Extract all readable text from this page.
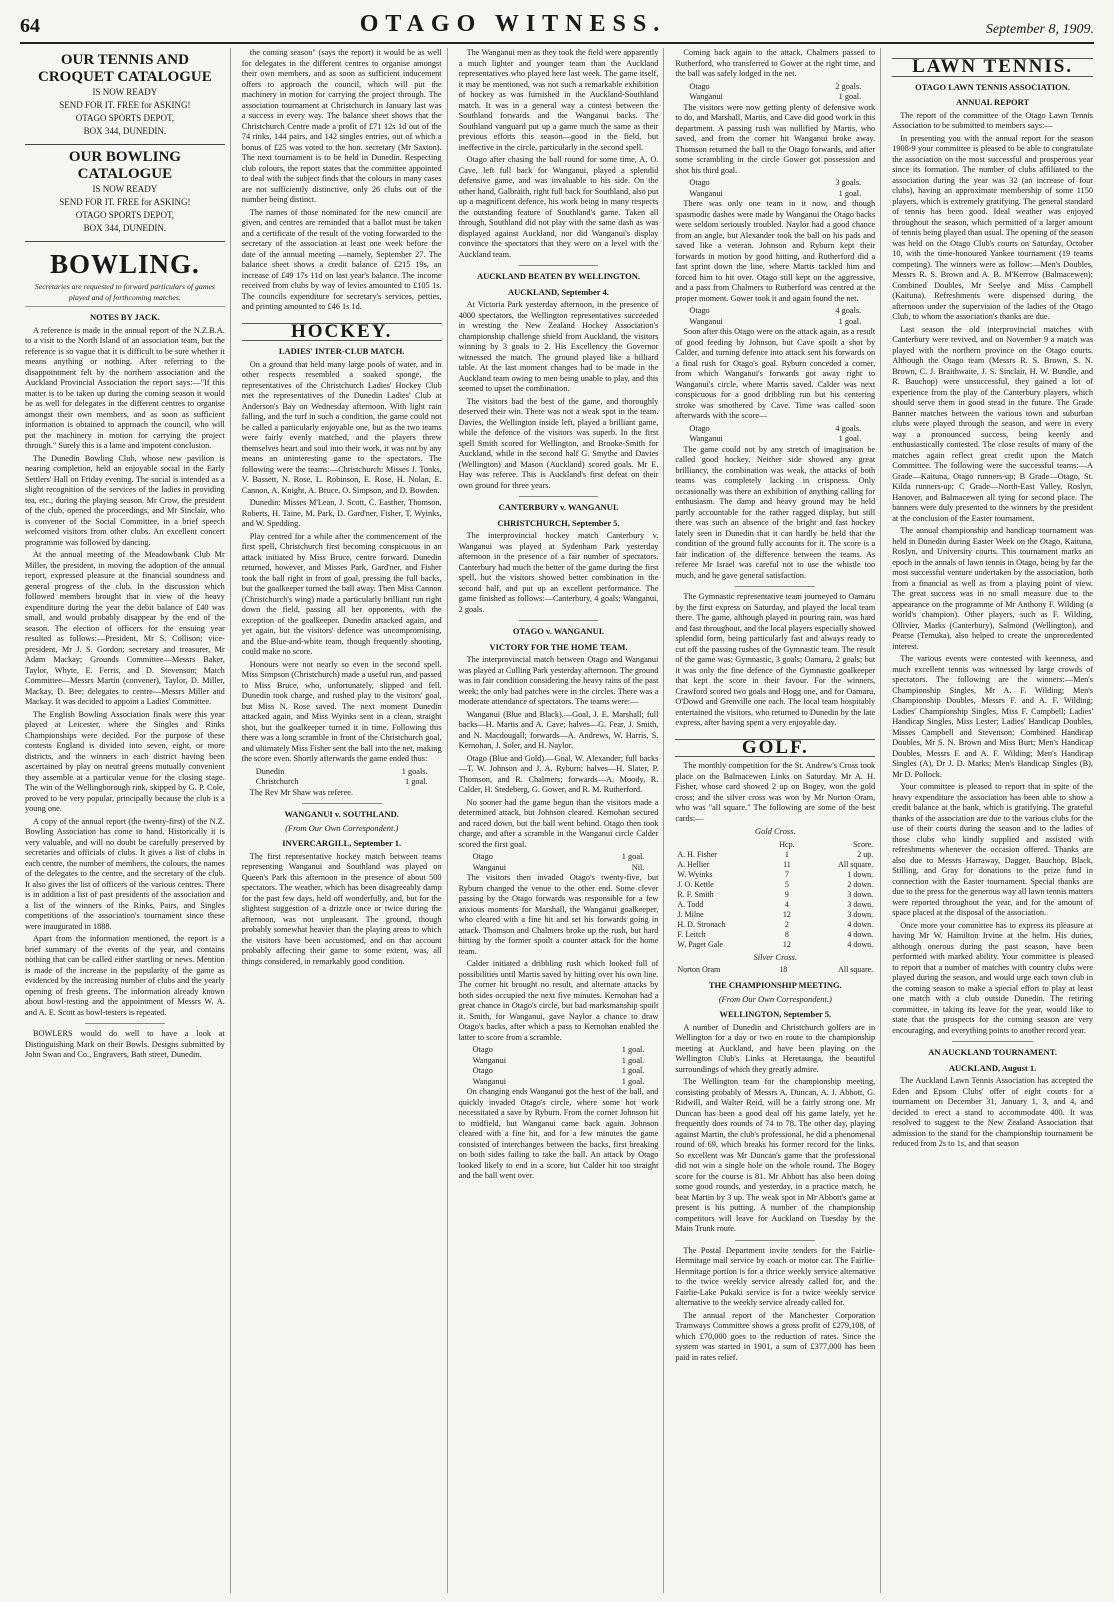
64	OTAGO WITNESS.	September 8, 1909.
OUR TENNIS AND CROQUET CATALOGUE
IS NOW READY
SEND FOR IT. FREE for ASKING!
OTAGO SPORTS DEPOT,
BOX 344, DUNEDIN.
OUR BOWLING CATALOGUE
IS NOW READY
SEND FOR IT. FREE for ASKING!
OTAGO SPORTS DEPOT,
BOX 344, DUNEDIN.
BOWLING.
Secretaries are requested to forward particulars of games played and of forthcoming matches.
NOTES BY JACK.

A reference is made in the annual report of the N.Z.B.A. to a visit to the North Island of an association team, but the reference is so vague that it is difficult to be sure whether it means anything or nothing. After referring to the disappointment felt by the northern association and the Auckland Provincial Association the report says:—"If this matter is to be taken up during the coming season it would be as well for delegates in the different centres to organise amongst their own members, and as soon as sufficient information is obtained to approach the council, who will put the machinery in motion for carrying the project through." Surely this is a lame and impotent conclusion.

The Dunedin Bowling Club, whose new pavilion is nearing completion, held an enjoyable social in the Early Settlers' Hall on Friday evening. The social is intended as a slight recognition of the services of the ladies in providing tea, etc., during the playing season. Mr Crow, the president of the club, opened the proceedings, and Mr Sinclair, who is convener of the Social Committee, in a brief speech welcomed visitors from other clubs. An excellent concert programme was followed by dancing.

At the annual meeting of the Meadowbank Club Mr Miller, the president, in moving the adoption of the annual report, expressed pleasure at the financial soundness and general progress of the club. In the discussion which followed members brought that in view of the heavy expenditure during the year the debit balance of £40 was small, and would probably disappear by the end of the season. The election of officers for the ensuing year resulted as follows:—President, Mr S. Collison; vice-president, Mr J. S. Gordon; secretary and treasurer, Mr Adam Mackay; Grounds Committee—Messrs Baker, Taylor, Whyte, E. Ferris, and D. Stevenson; Match Committee—Messrs Martin (convener), Taylor, D. Miller, Mackay, D. Bee; delegates to centre—Messrs Miller and Mackay. It was decided to appoint a Ladies' Committee.

The English Bowling Association finals were this year played at Leicester, where the Singles and Rinks Championships were decided. For the purpose of these contests England is divided into seven, eight, or more districts, and the winners in each district having been ascertained by play on neutral greens mutually convenient they assemble at a particular venue for the closing stage. The win of the Wellingborough rink, skipped by G. P. Cole, proved to be very popular, principally because the club is a young one.

A copy of the annual report (the twenty-first) of the N.Z. Bowling Association has come to hand. Historically it is very valuable, and will no doubt be carefully preserved by secretaries and officials of clubs. It gives a list of clubs in each centre, the number of members, the colours, the names of the delegates to the centre, and the secretary of the club. It also gives the list of officers of the various centres. There is in addition a list of past presidents of the association and a list of the winners of the Rinks, Pairs, and Singles competitions of the association's tournament since these were inaugurated in 1888.

Apart from the information mentioned, the report is a brief summary of the events of the year, and contains nothing that can be called either startling or news. Mention is made of the increase in the popularity of the game as evidenced by the increasing number of clubs and the yearly opening of fresh greens. The information already known about bowl-testing and the appointment of Messrs W. A. and A. E. Scott as bowl-testers is repeated.

BOWLERS would do well to have a look at Distinguishing Mark on their Bowls. Designs submitted by John Swan and Co., Engravers, Bath street, Dunedin.

the coming season" (says the report) it would be as well for delegates in the different centres to organise amongst their own members, and as soon as sufficient inducement offers to approach the council, which will put the machinery in motion for carrying the project through. The association tournament at Christchurch in January last was a success in every way. The balance sheet shows that the Christchurch Centre made a profit of £71 12s 1d out of the 74 rinks, 144 pairs, and 142 singles entries, out of which a bonus of £25 was voted to the hon. secretary (Mr Saxton). The next tournament is to be held in Dunedin. Respecting club colours, the report states that the committee appointed to deal with the subject finds that the colours in many cases are not sufficiently distinctive, only 26 clubs out of the number being distinct.

The names of those nominated for the new council are given, and centres are reminded that a ballot must be taken and a certificate of the result of the voting forwarded to the secretary of the association at least one week before the date of the annual meeting —namely, September 27. The balance sheet shows a credit balance of £215 19s, an increase of £49 17s 11d on last year's balance. The income received from clubs by way of levies amounted to £105 1s. The councils expenditure for secretary's services, petties, and printing amounted to £46 1s 1d.

HOCKEY.
LADIES' INTER-CLUB MATCH.

On a ground that held many large pools of water, and in other respects resembled a soaked sponge, the representatives of the Christchurch Ladies' Hockey Club met the representatives of the Dunedin Ladies' Club at Anderson's Bay on Wednesday afternoon. With light rain falling, and the turf in such a condition, the game could not be called a particularly enjoyable one, but as the two teams were fairly evenly matched, and the players threw themselves heart and soul into their work, it was not by any means an uninteresting game to the spectators. The following were the teams:—Christchurch: Misses J. Tonks, V. Bassett, N. Rose, L. Robinson, E. Rose, H. Nolan, E. Cannon, A. Knight, A. Bruce, O. Simpson, and D. Bowden.

Dunedin: Misses M'Lean, J. Scott, C. Easther, Thomson, Roberts, H. Taine, M. Park, D. Gard'ner, Fisher, T. Wyinks, and W. Spedding.

Play centred for a while after the commencement of the first spell, Christchurch first becoming conspicuous in an attack initiated by Miss Bruce, centre forward. Dunedin returned, however, and Misses Park, Gard'ner, and Fisher took the ball right in front of goal, pressing the full backs, but the goalkeeper turned the ball away. Then Miss Cannon (Christchurch's wing) made a particularly brilliant run right down the field, passing all her opponents, with the exception of the goalkeeper. Dunedin attacked again, and yet again, but the visitors' defence was uncompromising, and the Blue-and-white team, though frequently shooting, could make no score.

Honours were not nearly so even in the second spell. Miss Simpson (Christchurch) made a useful run, and passed to Miss Bruce, who, unfortunately, slipped and fell. Dunedin took charge, and rushed play to the visitors' goal, but Miss N. Rose saved. The next moment Dunedin attacked again, and Miss Wyinks sent in a clean, straight shot, but the goalkeeper turned it in time. Following this there was a long scramble in front of the Christchurch goal, and ultimately Miss Fisher sent the ball into the net, making the score even. Shortly afterwards the game ended thus:

Dunedin	1 goals.
Christchurch	1 goal.

The Rev Mr Shaw was referee.

WANGANUI v. SOUTHLAND.
(From Our Own Correspondent.)
INVERCARGILL, September 1.

The first representative hockey match between teams representing Wanganui and Southland was played on Queen's Park this afternoon in the presence of about 500 spectators. The weather, which has been disagreeably damp for the past few days, held off wonderfully, and, but for the slightest suggestion of a drizzle once or twice during the afternoon, was not unpleasant. The ground, though probably somewhat heavier than the playing areas to which the visitors have been accustomed, and on that account probably affecting their game to some extent, was, all things considered, in remarkably good condition.

The Wanganui men as they took the field were apparently a much lighter and younger team than the Auckland representatives who played here last week. The game itself, it may be mentioned, was not such a remarkable exhibition of hockey as was furnished in the Auckland-Southland match. It was in a general way a contest between the Southland forwards and the Wanganui backs. The Southland vanguard put up a game much the same as their previous efforts this season—good in the field, but ineffective in the circle, particularly in the second spell.

Otago after chasing the ball round for some time, A. O. Cave, left full back for Wanganui, played a splendid defensive game, and was invaluable to his side. On the other hand, Galbraith, right full back for Southland, also put up a magnificent defence, his work being in many respects the outstanding feature of Southland's game. Taken all through, Southland did not play with the same dash as was displayed against Auckland, nor did Wanganui's display convince the spectators that they were on a level with the Auckland team.

AUCKLAND BEATEN BY WELLINGTON.
AUCKLAND, September 4.

At Victoria Park yesterday afternoon, in the presence of 4000 spectators, the Wellington representatives succeeded in wresting the New Zealand Hockey Association's championship challenge shield from Auckland, the visitors winning by 3 goals to 2. His Excellency the Governor witnessed the match. The ground played like a billiard table. At the last moment changes had to be made in the Auckland team owing to men being unable to play, and this seemed to upset the combination.

The visitors had the best of the game, and thoroughly deserved their win. There was not a weak spot in the team. Davies, the Wellington inside left, played a brilliant game, while the defence of the visitors was superb. In the first spell Smith scored for Wellington, and Brooke-Smith for Auckland, while in the second half G. Smythe and Davies (Wellington) and Mason (Auckland) scored goals. Mr E. Hay was referee. This is Auckland's first defeat on their own ground for three years.

CANTERBURY v. WANGANUI.
CHRISTCHURCH, September 5.

The interprovincial hockey match Canterbury v. Wanganui was played at Sydenham Park yesterday afternoon in the presence of a fair number of spectators. Canterbury had much the better of the game during the first spell, but the visitors showed better combination in the second half, and put up an excellent performance. The game finished as follows:—Canterbury, 4 goals; Wanganui, 2 goals.

OTAGO v. WANGANUI.
VICTORY FOR THE HOME TEAM.

The interprovincial match between Otago and Wanganui was played at Culling Park yesterday afternoon. The ground was in fair condition considering the heavy rains of the past week; the only bad patches were in the circles. There was a moderate attendance of spectators. The teams were:—

Wanganui (Blue and Black).—Goal, J. E. Marshall; full backs—H. Martis and A. Cave; halves—G. Fear, J. Smith, and N. Macdougall; forwards—A. Andrews, W. Harris, S. Kernohan, J. Soler, and H. Naylor.

Otago (Blue and Gold).—Goal, W. Alexander; full backs—T. W. Johnson and J. A. Ryburn; halves—H. Slater, P. Thomson, and R. Chalmers; forwards—A. Moody, R. Calder, H. Stedeberg, G. Gower, and R. M. Rutherford.

No sooner had the game begun than the visitors made a determined attack, but Johnson cleared. Kernohan secured and raced down, but the ball went behind. Otago then took charge, and after a scramble in the Wanganui circle Calder scored the first goal.

Otago	1 goal.
Wanganui	Nil.

The visitors then invaded Otago's twenty-five, but Ryburn changed the venue to the other end. Some clever passing by the Otago forwards was responsible for a few anxious moments for Marshall, the Wanganui goalkeeper, who cleared with a fine hit and set his forwards going in attack. Thomson and Chalmers broke up the rush, but hard hitting by the former spoilt a counter attack for the home team.

Calder initiated a dribbling rush which looked full of possibilities until Martis saved by hitting over his own line. The corner hit brought no result, and alternate attacks by both sides occupied the next five minutes. Kernohan had a great chance in Otago's circle, but bad marksmanship spoilt it. Smith, for Wanganui, gave Naylor a chance to draw Otago's backs, after which a pass to Kernohan enabled the latter to score from a scramble.

Otago	1 goal.
Wanganui	1 goal.
Otago	1 goal.
Wanganui	1 goal.

On changing ends Wanganui got the best of the ball, and quickly invaded Otago's circle, where some hot work necessitated a save by Ryburn. From the corner Johnson hit to midfield, but Wanganui came back again. Johnson cleared with a fine hit, and for a few minutes the game consisted of interchanges between the backs, first breaking on both sides failing to take the ball. An attack by Otago looked likely to end in a score, but Calder hit too straight and the ball went over.

Coming back again to the attack, Chalmers passed to Rutherford, who transferred to Gower at the right time, and the ball was safely lodged in the net.

Otago	2 goals.
Wanganui	1 goal.

The visitors were now getting plenty of defensive work to do, and Marshall, Martis, and Cave did good work in this department. A passing rush was nullified by Martis, who saved, and from the corner hit Wanganui broke away. Thomson returned the ball to the Otago forwards, and after some scrambling in the circle Gower got possession and shot his third goal.

Otago	3 goals.
Wanganui	1 goal.

There was only one team in it now, and though spasmodic dashes were made by Wanganui the Otago backs were seldom seriously troubled. Naylor had a good chance from an angle, but Alexander took the ball on his pads and saved like a veteran. Johnson and Ryburn kept their forwards in motion by good hitting, and Rutherford did a fast sprint down the line, where Martis tackled him and forced him to hit over. Otago still kept on the aggressive, and a pass from Chalmers to Rutherford was centred at the proper moment. Gower took it and again found the net.

Otago	4 goals.
Wanganui	1 goal.

Soon after this Otago were on the attack again, as a result of good feeding by Johnson, but Cave spoilt a shot by Calder, and turning defence into attack sent his forwards on a final rush for Otago's goal. Ryburn conceded a corner, from which Wanganui's forwards got away right to Wanganui's circle, where Martis saved. Calder was next conspicuous for a good dribbling run but his centering stroke was smothered by Cave. Time was called soon afterwards with the score—

Otago	4 goals.
Wanganui	1 goal.

The game could not by any stretch of imagination be called good hockey. Neither side showed any great brilliancy, the combination was weak, the attacks of both teams was completely lacking in crispness. Only occasionally was there an exhibition of anything calling for enthusiasm. The damp and heavy ground may be held partly accountable for the rather ragged display, but still there was such an absence of the bright and fast hockey lately seen in Dunedin that it can hardly be held that the condition of the ground fully accounts for it. The score is a fair indication of the difference between the teams. As referee Mr Israel was careful not to use the whistle too much, and he gave general satisfaction.

The Gymnastic representative team journeyed to Oamaru by the first express on Saturday, and played the local team there. The game, although played in pouring rain, was hard and fast throughout, and the local players especially showed splendid form, being particularly fast and always ready to cut off the passing rushes of the Gymnastic team. The result of the game was: Gymnastic, 3 goals; Oamaru, 2 goals; but it was only the fine defence of the Gymnastic goalkeeper that kept the score in their favour. For the winners, Crawford scored two goals and Hogg one, and for Oamaru, O'Dowd and Grenville one each. The local team hospitably entertained the visitors, who returned to Dunedin by the late express, after having spent a very enjoyable day.

GOLF.

The monthly competition for the St. Andrew's Cross took place on the Balmacewen Links on Saturday. Mr A. H. Fisher, whose card showed 2 up on Bogey, won the gold cross; and the silver cross was won by Mr Norton Oram, who was "all square." The following are some of the best cards:—

Gold Cross.
	Hcp.	Score.
A. H. Fisher	1	2 up.
A. Hellier	11	All square.
W. Wyinks	7	1 down.
J. O. Kettle	5	2 down.
R. F. Smith	9	3 down.
A. Todd	4	3 down.
J. Milne	12	3 down.
H. D. Stronach	2	4 down.
F. Leitch	8	4 down.
W. Paget Gale	12	4 down.
Silver Cross.
Norton Oram	18	All square.
THE CHAMPIONSHIP MEETING.
(From Our Own Correspondent.)
WELLINGTON, September 5.

A number of Dunedin and Christchurch golfers are in Wellington for a day or two en route to the championship meeting at Auckland, and have been playing on the Wellington Club's Links at Heretaunga, the beautiful surroundings of which they greatly admire.

The Wellington team for the championship meeting, consisting probably of Messrs A. Duncan, A. J. Abbott, G. Ridwill, and Walter Reid, will be a fairly strong one. Mr Duncan has been a good deal off his game lately, yet he frequently does rounds of 74 to 78. The other day, playing against Martin, the club's professional, he did a phenomenal round of 69, which breaks his former record for the links. So excellent was Mr Duncan's game that the professional did not win a single hole on the whole round. The Bogey score for the course is 81. Mr Abbott has also been doing some good rounds, and yesterday, in a practice match, he beat Martin by 3 up. The weak spot in Mr Abbott's game at present is his putting. A number of the championship competitors will leave for Auckland on Tuesday by the Main Trunk route.

The Postal Department invite tenders for the Fairlie-Hermitage mail service by coach or motor car. The Fairlie-Hermitage portion is for a thrice weekly service alternative to the twice weekly service already called for, and the Fairlie-Lake Pukaki service is for a twice weekly service alternative to the weekly service already called for.

The annual report of the Manchester Corporation Tramways Committee shows a gross profit of £279,108, of which £70,000 goes to the reduction of rates. Since the system was started in 1901, a sum of £377,000 has been paid in rates relief.

LAWN TENNIS.
OTAGO LAWN TENNIS ASSOCIATION.
ANNUAL REPORT

The report of the committee of the Otago Lawn Tennis Association to be submitted to members says:—

In presenting you with the annual report for the season 1908-9 your committee is pleased to be able to congratulate the association on the most successful and prosperous year since its formation. The number of clubs affiliated to the association during the year was 32 (an increase of four clubs), having an approximate membership of some 1150 players, which is extremely gratifying. The general standard of tennis has been good. Ideal weather was enjoyed throughout the season, which permitted of a larger amount of tennis being played than usual. The opening of the season was held on the Otago Club's courts on Saturday, October 10, with the time-honoured Yankee tournament (19 teams competing). The winners were as follow:—Men's Doubles, Messrs R. S. Brown and A. B. M'Kerrow (Balmacewen); Combined Doubles, Mr Seelye and Miss Campbell (Kaituna). Refreshments were dispensed during the afternoon under the supervision of the ladies of the Otago Club, to whom the association's thanks are due.

Last season the old interprovincial matches with Canterbury were revived, and on November 9 a match was played with the northern province on the Otago courts. Although the Otago team (Messrs R. S. Brown, S. N. Brown, C. J. Braithwaite, J. S. Sinclair, H. W. Bundle, and R. Bauchop) were unsuccessful, they gained a lot of experience from the play of the Canterbury players, which should serve them in good stead in the future. The Grade Banner matches between the various town and suburban clubs were played through the season, and were in every way a pronounced success, being keenly and enthusiastically contested. The close results of many of the matches again reflect great credit upon the Match Committee. The following were the successful teams:—A Grade—Kaituna, Otago runners-up; B Grade—Otago, St. Kilda runners-up; C Grade—North-East Valley, Roslyn, Hanover, and Balmacewen all tying for second place. The banners were duly presented to the winners by the president at the conclusion of the Easter tournament.

The annual championship and handicap tournament was held in Dunedin during Easter Week on the Otago, Kaituna, Roslyn, and University courts. This tournament marks an epoch in the annals of lawn tennis in Otago, being by far the most successful venture undertaken by the association, both from a financial as well as from a playing point of view. The great success was in no small measure due to the appearance on the programme of Mr Anthony F. Wilding (a world's champion). Other players, such as F. Wilding, Ollivier, Marks (Canterbury), Salmond (Wellington), and Pearse (Temuka), also helped to create the unprecedented interest.

The various events were contested with keenness, and much excellent tennis was witnessed by large crowds of spectators. The following are the winners:—Men's Championship Singles, Mr A. F. Wilding; Men's Championship Doubles, Messrs F. and A. F. Wilding; Ladies' Championship Singles, Miss F. Campbell; Ladies' Handicap Singles, Miss Lester; Ladies' Handicap Doubles, Misses Campbell and Stevenson; Combined Handicap Doubles, Mr S. N. Brown and Miss Burt; Men's Handicap Doubles, Messrs F. and A. F. Wilding; Men's Handicap Singles (A), Dr J. D. Marks; Men's Handicap Singles (B), Mr D. Pollock.

Your committee is pleased to report that in spite of the heavy expenditure the association has been able to show a credit balance at the bank, which is gratifying. The grateful thanks of the association are due to the various clubs for the use of their courts during the season and to the ladies of those clubs who kindly supplied and assisted with refreshments whenever the occasion offered. Thanks are also due to Messrs Harraway, Dagger, Bauchop, Black, Stilling, and Gray for donations to the prize fund in connection with the Easter tournament. Special thanks are due to the press for the generous way all lawn tennis matters were reported throughout the year, and for the amount of space placed at the disposal of the association.

Once more your committee has to express its pleasure at having Mr W. Hamilton Irvine at the helm. His duties, although onerous during the past season, have been performed with marked ability. Your committee is pleased to report that a number of matches with country clubs were played during the season, and would urge each town club in the coming season to make a special effort to play at least one match with a club outside Dunedin. The retiring committee, in taking its leave for the year, would like to state that the prospects for the coming season are very encouraging, and everything points to another record year.

AN AUCKLAND TOURNAMENT.
AUCKLAND, August 1.

The Auckland Lawn Tennis Association has accepted the Eden and Epsom Clubs' offer of eight courts for a tournament on December 31, January 1, 3, and 4, and decided to erect a stand to accommodate 400. It was resolved to suggest to the New Zealand Association that admission to the stand for the championship tournament be reduced from 2s to 1s, and that season
